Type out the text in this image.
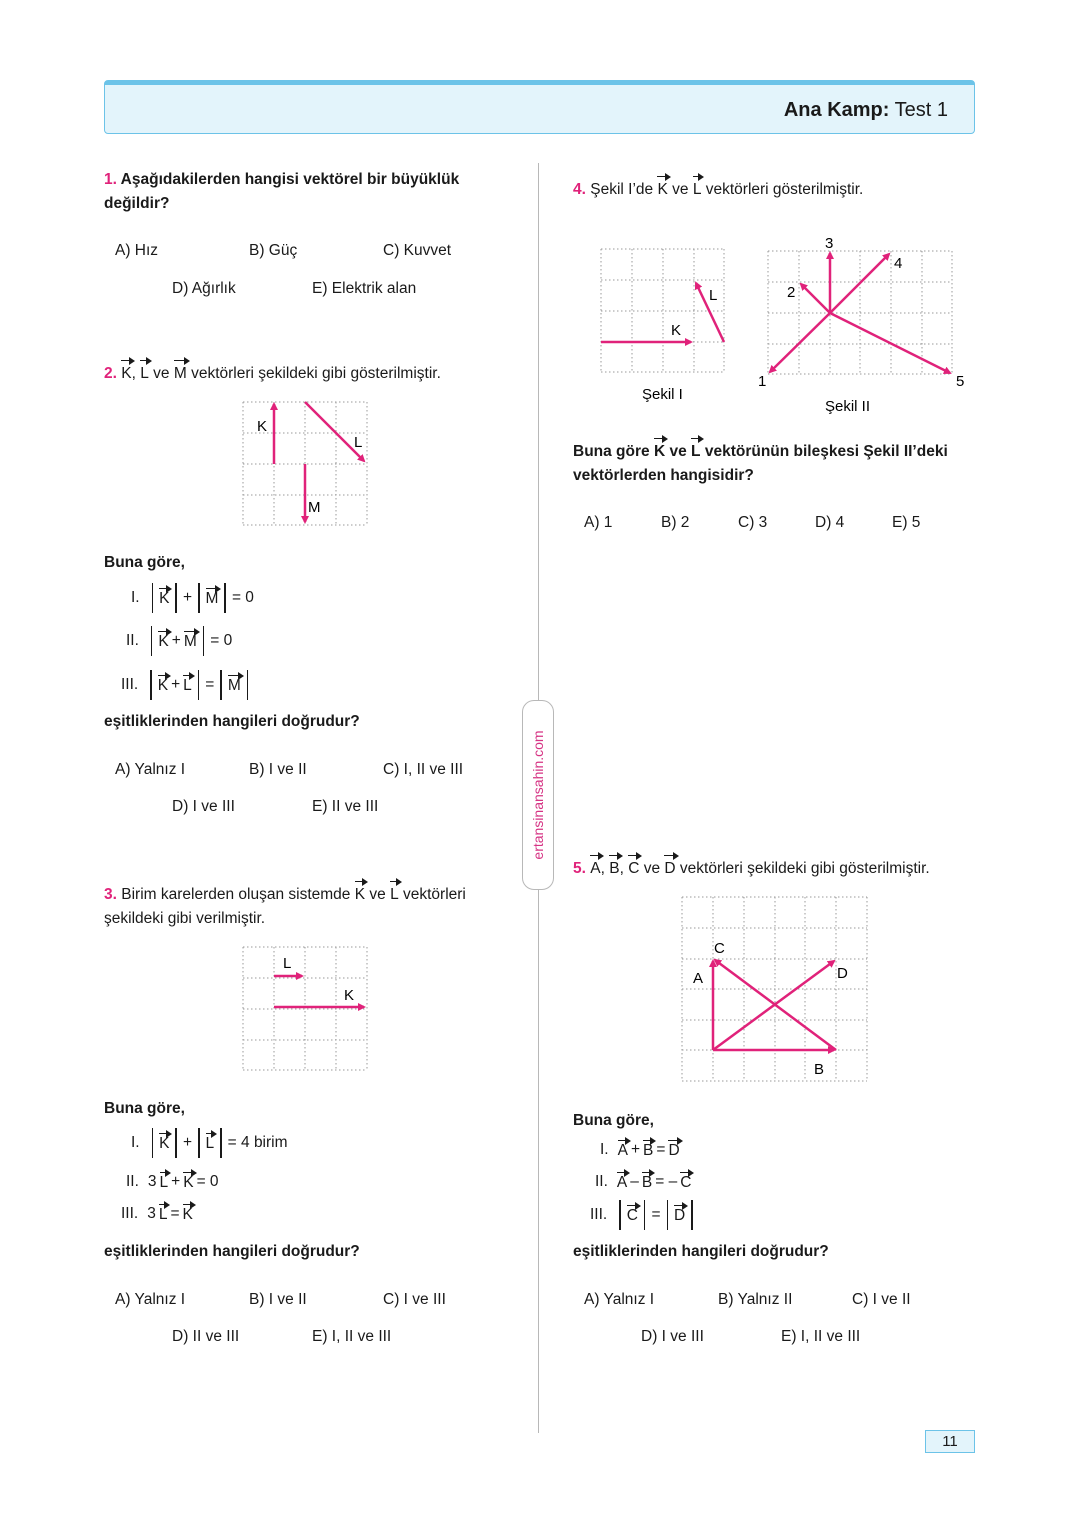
Ana Kamp: Test 1
ertansinansahin.com
1. Aşağıdakilerden hangisi vektörel bir büyüklük değildir?
A) Hız	B) Güç	C) Kuvvet
D) Ağırlık	E) Elektrik alan
2. K, L ve M vektörleri şekildeki gibi gösterilmiştir.
K
L
M
Buna göre,
I. K + M = 0
II. K + M = 0
III. K + L = M
eşitliklerinden hangileri doğrudur?
A) Yalnız I	B) I ve II	C) I, II ve III
D) I ve III	E) II ve III
3. Birim karelerden oluşan sistemde K ve L vektörleri
şekildeki gibi verilmiştir.
L
K
Buna göre,
I. K + L = 4 birim
II. 3 L + K = 0
III. 3 L = K
eşitliklerinden hangileri doğrudur?
A) Yalnız I	B) I ve II	C) I ve III
D) II ve III	E) I, II ve III
4. Şekil I’de K ve L vektörleri gösterilmiştir.
K
L
Şekil I
1
2
3
4
5
Şekil II
Buna göre K ve L vektörünün bileşkesi Şekil II’deki
vektörlerden hangisidir?
A) 1	B) 2	C) 3	D) 4	E) 5
5. A, B, C ve D vektörleri şekildeki gibi gösterilmiştir.
A
B
C
D
Buna göre,
I. A + B = D
II. A – B = – C
III. C = D
eşitliklerinden hangileri doğrudur?
A) Yalnız I	B) Yalnız II	C) I ve II
D) I ve III	E) I, II ve III
11
